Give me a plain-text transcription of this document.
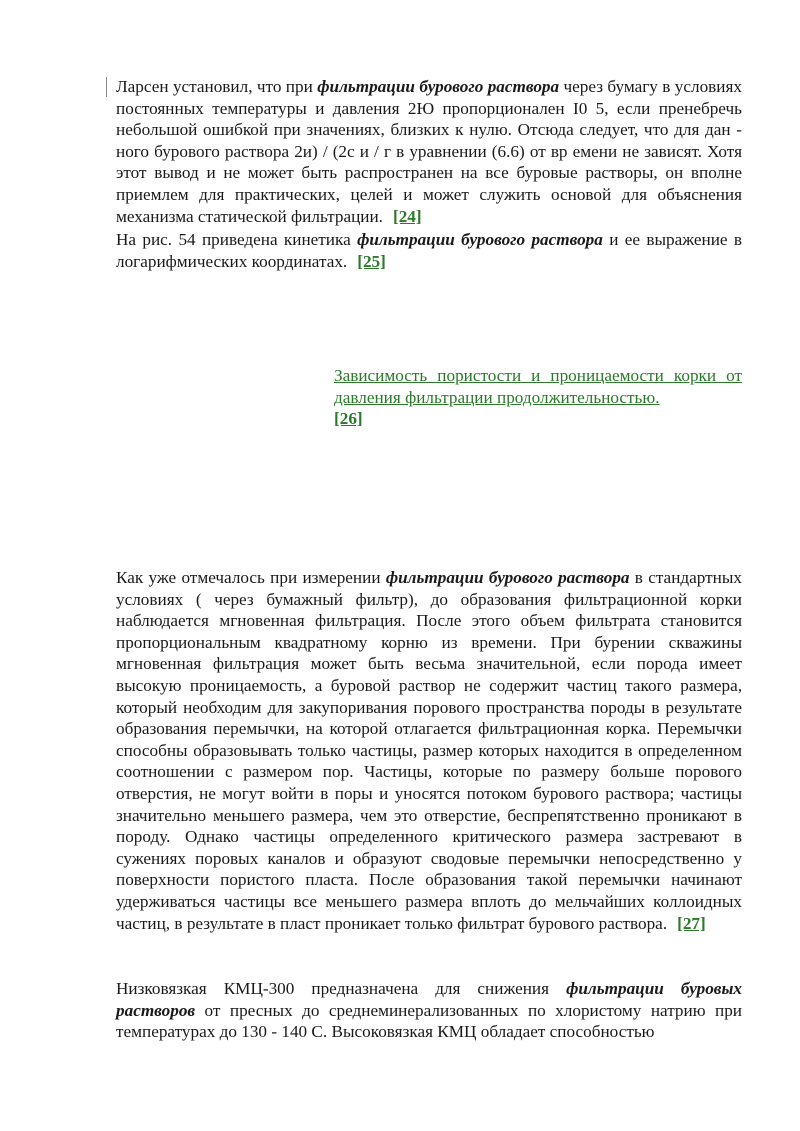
Ларсен установил, что при фильтрации бурового раствора через бумагу в условиях постоянных температуры и давления 2Ю пропорционален I0 5, если пренебречь небольшой ошибкой при значениях, близких к нулю. Отсюда следует, что для дан - ного бурового раствора 2и) / (2с и / г в уравнении (6.6) от вр емени не зависят. Хотя этот вывод и не может быть распространен на все буровые растворы, он вполне приемлем для практических, целей и может служить основой для объяснения механизма статической фильтрации. [24]

На рис. 54 приведена кинетика фильтрации бурового раствора и ее выражение в логарифмических координатах. [25]

Зависимость пористости и проницаемости корки от давления фильтрации продолжительностью.
[26]

Как уже отмечалось при измерении фильтрации бурового раствора в стандартных условиях ( через бумажный фильтр), до образования фильтрационной корки наблюдается мгновенная фильтрация. После этого объем фильтрата становится пропорциональным квадратному корню из времени. При бурении скважины мгновенная фильтрация может быть весьма значительной, если порода имеет высокую проницаемость, а буровой раствор не содержит частиц такого размера, который необходим для закупоривания порового пространства породы в результате образования перемычки, на которой отлагается фильтрационная корка. Перемычки способны образовывать только частицы, размер которых находится в определенном соотношении с размером пор. Частицы, которые по размеру больше порового отверстия, не могут войти в поры и уносятся потоком бурового раствора; частицы значительно меньшего размера, чем это отверстие, беспрепятственно проникают в породу. Однако частицы определенного критического размера застревают в сужениях поровых каналов и образуют сводовые перемычки непосредственно у поверхности пористого пласта. После образования такой перемычки начинают удерживаться частицы все меньшего размера вплоть до мельчайших коллоидных частиц, в результате в пласт проникает только фильтрат бурового раствора. [27]

Низковязкая КМЦ-300 предназначена для снижения фильтрации буровых растворов от пресных до среднеминерализованных по хлористому натрию при температурах до 130 - 140 С. Высоковязкая КМЦ обладает способностью
